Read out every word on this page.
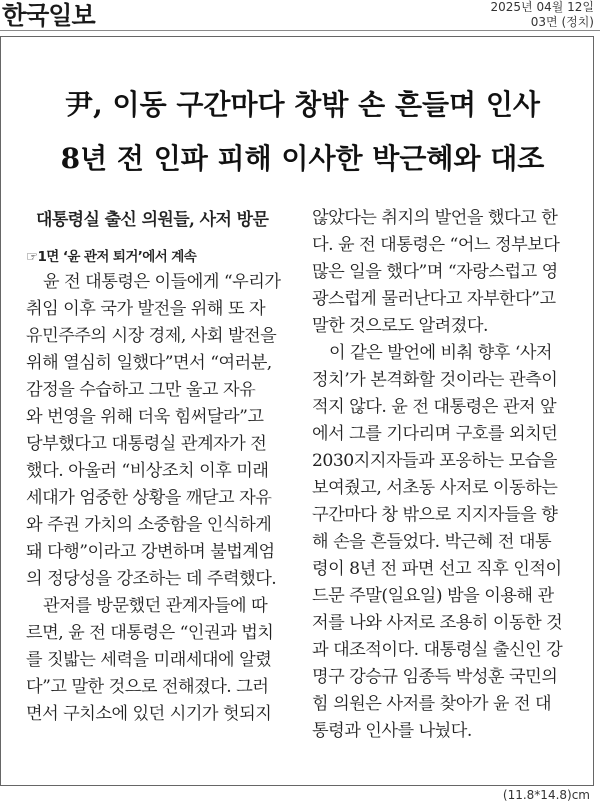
한국일보	2025년 04월 12일
03면 (정치)
尹, 이동 구간마다 창밖 손 흔들며 인사
8년 전 인파 피해 이사한 박근혜와 대조
대통령실 출신 의원들, 사저 방문
☞1면 ‘윤 관저 퇴거’에서 계속
윤 전 대통령은 이들에게 “우리가
취임 이후 국가 발전을 위해 또 자
유민주주의 시장 경제, 사회 발전을
위해 열심히 일했다”면서 “여러분,
감정을 수습하고 그만 울고 자유
와 번영을 위해 더욱 힘써달라”고
당부했다고 대통령실 관계자가 전
했다. 아울러 “비상조치 이후 미래
세대가 엄중한 상황을 깨닫고 자유
와 주권 가치의 소중함을 인식하게
돼 다행”이라고 강변하며 불법계엄
의 정당성을 강조하는 데 주력했다.
관저를 방문했던 관계자들에 따
르면, 윤 전 대통령은 “인권과 법치
를 짓밟는 세력을 미래세대에 알렸
다”고 말한 것으로 전해졌다. 그러
면서 구치소에 있던 시기가 헛되지
않았다는 취지의 발언을 했다고 한
다. 윤 전 대통령은 “어느 정부보다
많은 일을 했다”며 “자랑스럽고 영
광스럽게 물러난다고 자부한다”고
말한 것으로도 알려졌다.
이 같은 발언에 비춰 향후 ‘사저
정치’가 본격화할 것이라는 관측이
적지 않다. 윤 전 대통령은 관저 앞
에서 그를 기다리며 구호를 외치던
2030지지자들과 포옹하는 모습을
보여줬고, 서초동 사저로 이동하는
구간마다 창 밖으로 지지자들을 향
해 손을 흔들었다. 박근혜 전 대통
령이 8년 전 파면 선고 직후 인적이
드문 주말(일요일) 밤을 이용해 관
저를 나와 사저로 조용히 이동한 것
과 대조적이다. 대통령실 출신인 강
명구 강승규 임종득 박성훈 국민의
힘 의원은 사저를 찾아가 윤 전 대
통령과 인사를 나눴다.
(11.8*14.8)cm
